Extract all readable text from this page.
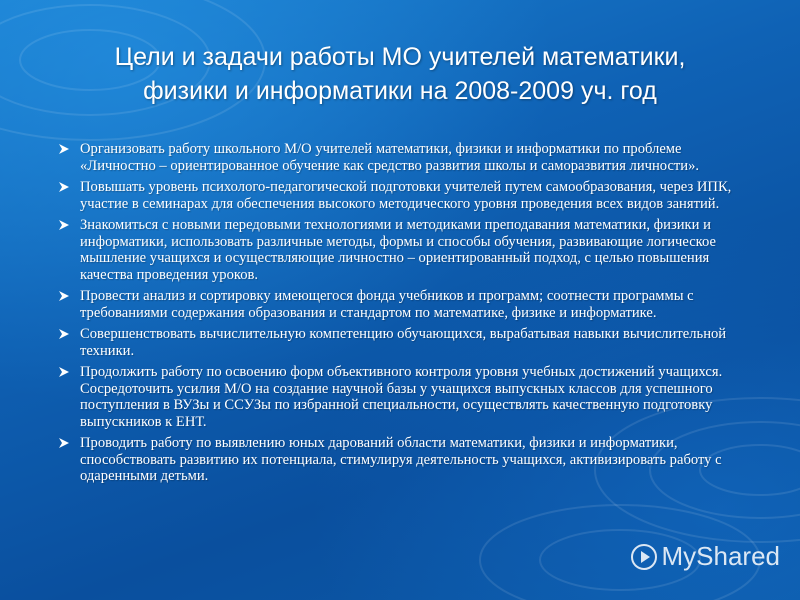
Цели и задачи работы МО учителей математики,
физики и информатики на 2008-2009 уч. год
Организовать работу школьного М/О учителей математики, физики и информатики по проблеме «Личностно – ориентированное обучение как средство развития школы и саморазвития личности».
Повышать уровень психолого-педагогической подготовки учителей путем самообразования, через ИПК, участие в семинарах для обеспечения высокого методического уровня проведения всех видов занятий.
Знакомиться с новыми передовыми технологиями и методиками преподавания математики, физики и информатики, использовать различные методы, формы и способы обучения, развивающие логическое мышление учащихся и осуществляющие личностно – ориентированный подход, с целью повышения качества проведения уроков.
Провести анализ и сортировку имеющегося фонда учебников и программ; соотнести программы с требованиями содержания образования и стандартом по математике, физике и информатике.
Совершенствовать вычислительную компетенцию обучающихся, вырабатывая навыки вычислительной техники.
Продолжить работу по освоению форм объективного контроля уровня учебных достижений учащихся. Сосредоточить усилия М/О на создание научной базы у учащихся выпускных классов для успешного поступления в ВУЗы и ССУЗы по избранной специальности, осуществлять качественную подготовку выпускников к ЕНТ.
Проводить работу по выявлению юных дарований области математики, физики и информатики, способствовать развитию их потенциала, стимулируя деятельность учащихся, активизировать работу с одаренными детьми.
MyShared
